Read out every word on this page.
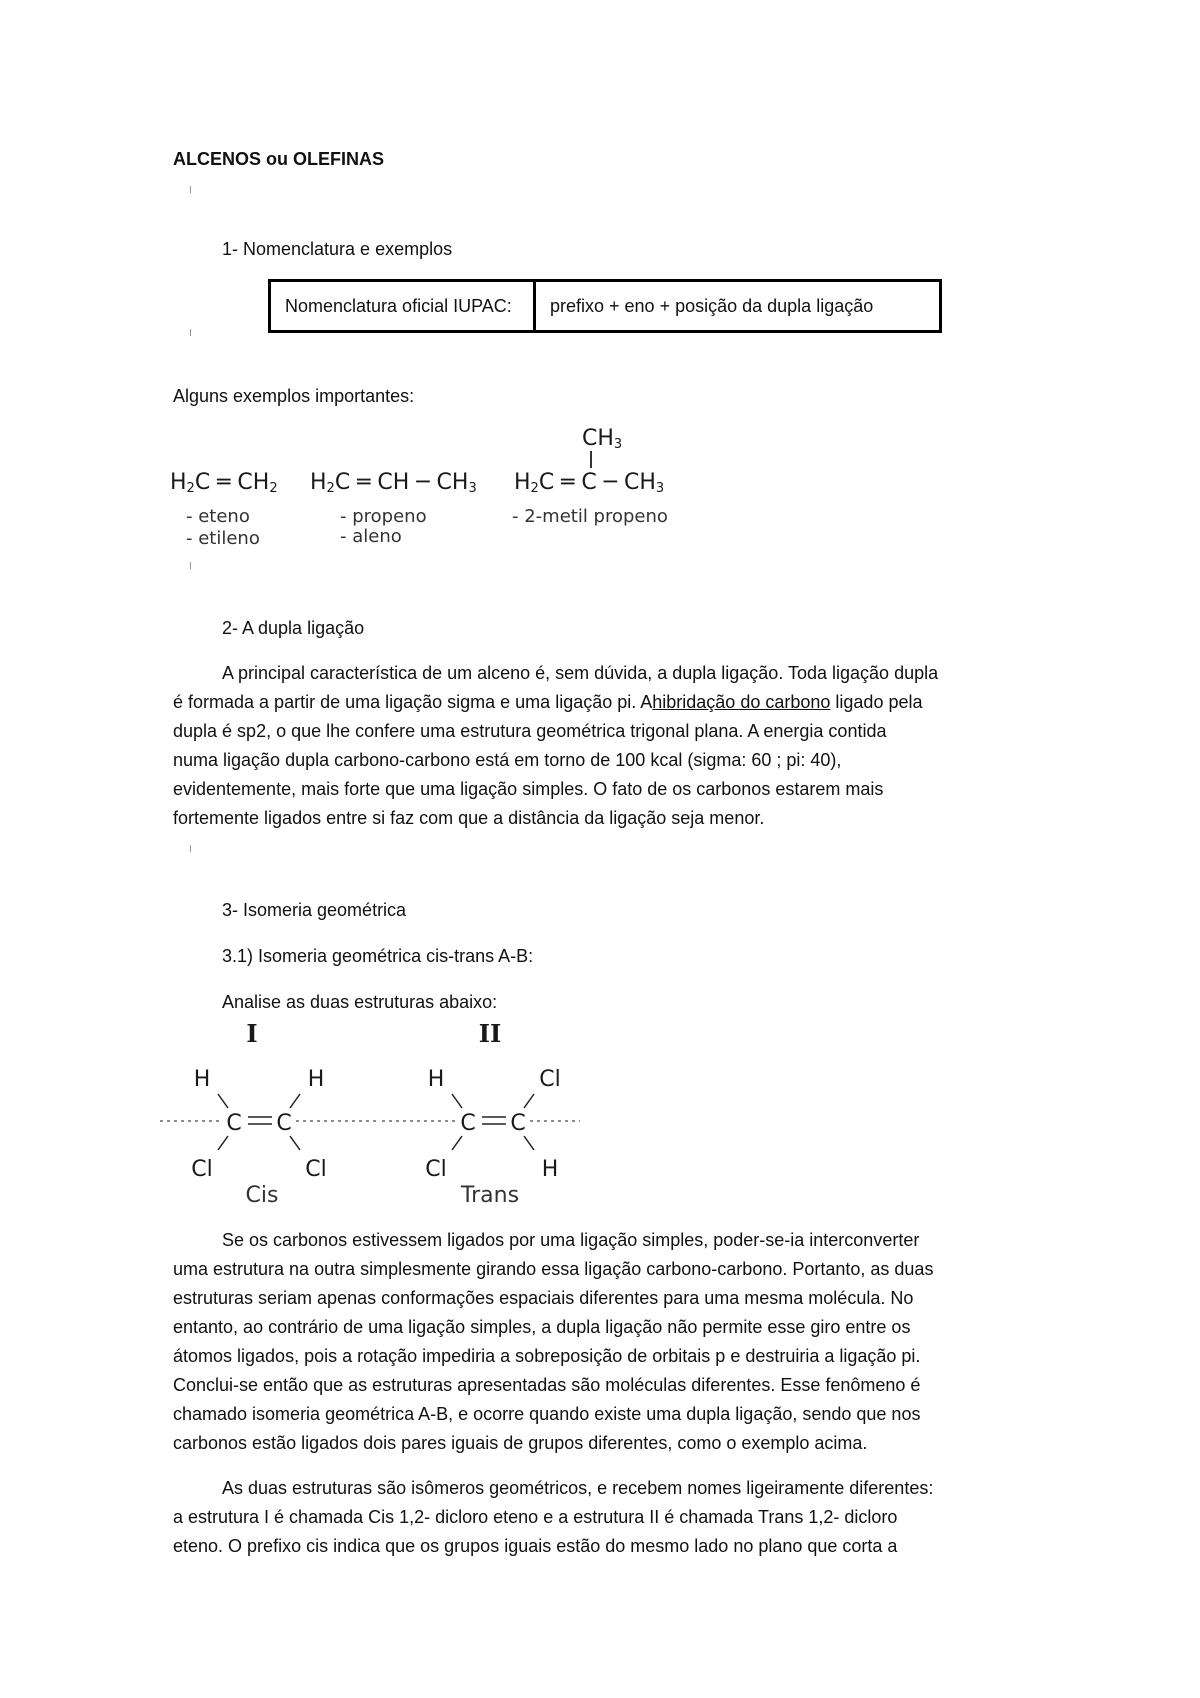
ALCENOS ou OLEFINAS
1- Nomenclatura e exemplos
Nomenclatura oficial IUPAC:	prefixo + eno + posição da dupla ligação
Alguns exemplos importantes:
$H_2C$ ═ $CH_2$
- eteno
- etileno
$H_2C$ ═ CH ─ $CH_3$
- propeno
- aleno
$CH_3$
$H_2C$ ═ C ─ $CH_3$
- 2-metil propeno
2- A dupla ligação
A principal característica de um alceno é, sem dúvida, a dupla ligação. Toda ligação dupla
é formada a partir de uma ligação sigma e uma ligação pi. Ahibridação do carbono ligado pela
dupla é sp2, o que lhe confere uma estrutura geométrica trigonal plana. A energia contida
numa ligação dupla carbono-carbono está em torno de 100 kcal (sigma: 60 ; pi: 40),
evidentemente, mais forte que uma ligação simples. O fato de os carbonos estarem mais
fortemente ligados entre si faz com que a distância da ligação seja menor.
3- Isomeria geométrica
3.1) Isomeria geométrica cis-trans A-B:
Analise as duas estruturas abaixo:
I
H	H
C C
Cl	Cl
Cis
II
H	Cl
C C
Cl	H
Trans
Se os carbonos estivessem ligados por uma ligação simples, poder-se-ia interconverter
uma estrutura na outra simplesmente girando essa ligação carbono-carbono. Portanto, as duas
estruturas seriam apenas conformações espaciais diferentes para uma mesma molécula. No
entanto, ao contrário de uma ligação simples, a dupla ligação não permite esse giro entre os
átomos ligados, pois a rotação impediria a sobreposição de orbitais p e destruiria a ligação pi.
Conclui-se então que as estruturas apresentadas são moléculas diferentes. Esse fenômeno é
chamado isomeria geométrica A-B, e ocorre quando existe uma dupla ligação, sendo que nos
carbonos estão ligados dois pares iguais de grupos diferentes, como o exemplo acima.
As duas estruturas são isômeros geométricos, e recebem nomes ligeiramente diferentes:
a estrutura I é chamada Cis 1,2- dicloro eteno e a estrutura II é chamada Trans 1,2- dicloro
eteno. O prefixo cis indica que os grupos iguais estão do mesmo lado no plano que corta a
